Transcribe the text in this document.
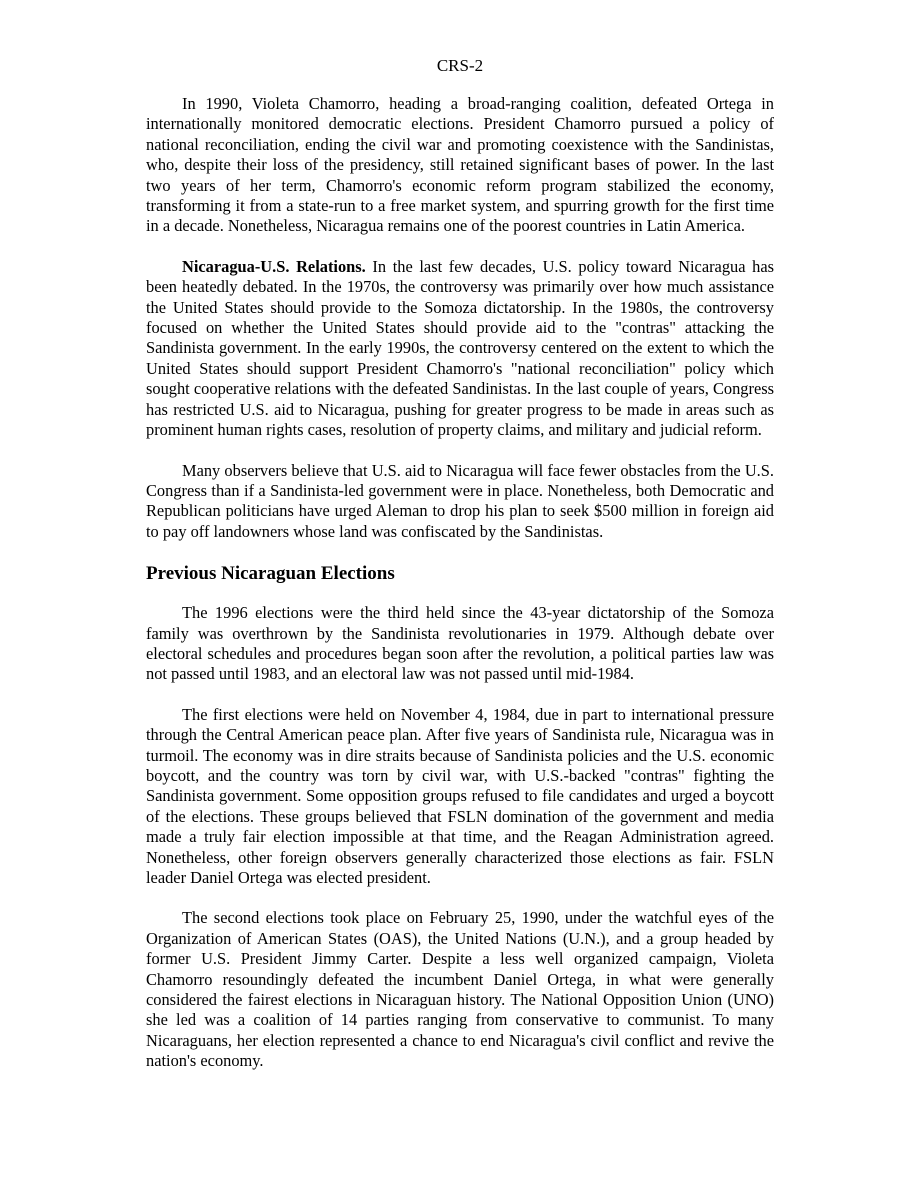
CRS-2

In 1990, Violeta Chamorro, heading a broad-ranging coalition, defeated Ortega in internationally monitored democratic elections. President Chamorro pursued a policy of national reconciliation, ending the civil war and promoting coexistence with the Sandinistas, who, despite their loss of the presidency, still retained significant bases of power. In the last two years of her term, Chamorro's economic reform program stabilized the economy, transforming it from a state-run to a free market system, and spurring growth for the first time in a decade. Nonetheless, Nicaragua remains one of the poorest countries in Latin America.

Nicaragua-U.S. Relations. In the last few decades, U.S. policy toward Nicaragua has been heatedly debated. In the 1970s, the controversy was primarily over how much assistance the United States should provide to the Somoza dictatorship. In the 1980s, the controversy focused on whether the United States should provide aid to the "contras" attacking the Sandinista government. In the early 1990s, the controversy centered on the extent to which the United States should support President Chamorro's "national reconciliation" policy which sought cooperative relations with the defeated Sandinistas. In the last couple of years, Congress has restricted U.S. aid to Nicaragua, pushing for greater progress to be made in areas such as prominent human rights cases, resolution of property claims, and military and judicial reform.

Many observers believe that U.S. aid to Nicaragua will face fewer obstacles from the U.S. Congress than if a Sandinista-led government were in place. Nonetheless, both Democratic and Republican politicians have urged Aleman to drop his plan to seek $500 million in foreign aid to pay off landowners whose land was confiscated by the Sandinistas.

Previous Nicaraguan Elections

The 1996 elections were the third held since the 43-year dictatorship of the Somoza family was overthrown by the Sandinista revolutionaries in 1979. Although debate over electoral schedules and procedures began soon after the revolution, a political parties law was not passed until 1983, and an electoral law was not passed until mid-1984.

The first elections were held on November 4, 1984, due in part to international pressure through the Central American peace plan. After five years of Sandinista rule, Nicaragua was in turmoil. The economy was in dire straits because of Sandinista policies and the U.S. economic boycott, and the country was torn by civil war, with U.S.-backed "contras" fighting the Sandinista government. Some opposition groups refused to file candidates and urged a boycott of the elections. These groups believed that FSLN domination of the government and media made a truly fair election impossible at that time, and the Reagan Administration agreed. Nonetheless, other foreign observers generally characterized those elections as fair. FSLN leader Daniel Ortega was elected president.

The second elections took place on February 25, 1990, under the watchful eyes of the Organization of American States (OAS), the United Nations (U.N.), and a group headed by former U.S. President Jimmy Carter. Despite a less well organized campaign, Violeta Chamorro resoundingly defeated the incumbent Daniel Ortega, in what were generally considered the fairest elections in Nicaraguan history. The National Opposition Union (UNO) she led was a coalition of 14 parties ranging from conservative to communist. To many Nicaraguans, her election represented a chance to end Nicaragua's civil conflict and revive the nation's economy.
